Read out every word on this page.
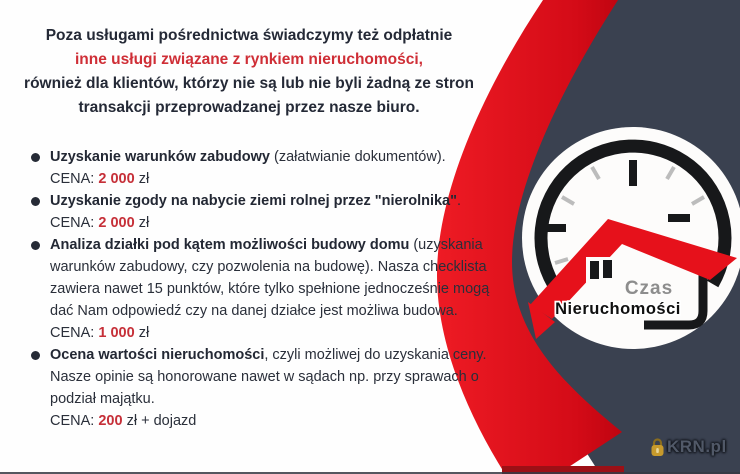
Poza usługami pośrednictwa świadczymy też odpłatnie
inne usługi związane z rynkiem nieruchomości,
również dla klientów, którzy nie są lub nie byli żadną ze stron
transakcji przeprowadzanej przez nasze biuro.
Uzyskanie warunków zabudowy (załatwianie dokumentów).
CENA: 2 000 zł
Uzyskanie zgody na nabycie ziemi rolnej przez "nierolnika".
CENA: 2 000 zł
Analiza działki pod kątem możliwości budowy domu (uzyskania warunków zabudowy, czy pozwolenia na budowę). Nasza checklista zawiera nawet 15 punktów, które tylko spełnione jednocześnie mogą dać Nam odpowiedź czy na danej działce jest możliwa budowa.
CENA: 1 000 zł
Ocena wartości nieruchomości, czyli możliwej do uzyskania ceny. Nasze opinie są honorowane nawet w sądach np. przy sprawach o podział majątku.
CENA: 200 zł + dojazd
Czas
Nieruchomości
KRN.pl
